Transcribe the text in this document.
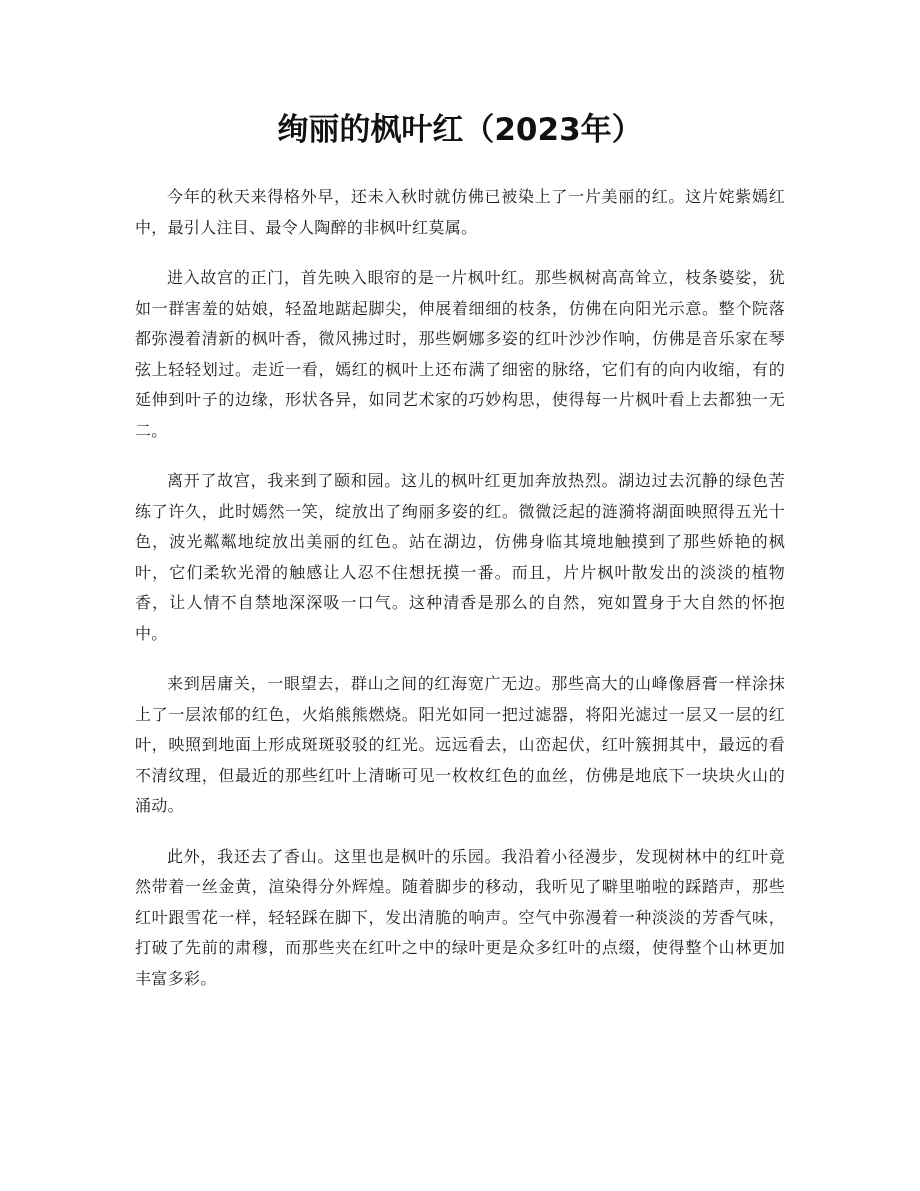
绚丽的枫叶红（2023年）

今年的秋天来得格外早，还未入秋时就仿佛已被染上了一片美丽的红。这片姹紫嫣红中，最引人注目、最令人陶醉的非枫叶红莫属。

进入故宫的正门，首先映入眼帘的是一片枫叶红。那些枫树高高耸立，枝条婆娑，犹如一群害羞的姑娘，轻盈地踮起脚尖，伸展着细细的枝条，仿佛在向阳光示意。整个院落都弥漫着清新的枫叶香，微风拂过时，那些婀娜多姿的红叶沙沙作响，仿佛是音乐家在琴弦上轻轻划过。走近一看，嫣红的枫叶上还布满了细密的脉络，它们有的向内收缩，有的延伸到叶子的边缘，形状各异，如同艺术家的巧妙构思，使得每一片枫叶看上去都独一无二。

离开了故宫，我来到了颐和园。这儿的枫叶红更加奔放热烈。湖边过去沉静的绿色苦练了许久，此时嫣然一笑，绽放出了绚丽多姿的红。微微泛起的涟漪将湖面映照得五光十色，波光粼粼地绽放出美丽的红色。站在湖边，仿佛身临其境地触摸到了那些娇艳的枫叶，它们柔软光滑的触感让人忍不住想抚摸一番。而且，片片枫叶散发出的淡淡的植物香，让人情不自禁地深深吸一口气。这种清香是那么的自然，宛如置身于大自然的怀抱中。

来到居庸关，一眼望去，群山之间的红海宽广无边。那些高大的山峰像唇膏一样涂抹上了一层浓郁的红色，火焰熊熊燃烧。阳光如同一把过滤器，将阳光滤过一层又一层的红叶，映照到地面上形成斑斑驳驳的红光。远远看去，山峦起伏，红叶簇拥其中，最远的看不清纹理，但最近的那些红叶上清晰可见一枚枚红色的血丝，仿佛是地底下一块块火山的涌动。

此外，我还去了香山。这里也是枫叶的乐园。我沿着小径漫步，发现树林中的红叶竟然带着一丝金黄，渲染得分外辉煌。随着脚步的移动，我听见了噼里啪啦的踩踏声，那些红叶跟雪花一样，轻轻踩在脚下，发出清脆的响声。空气中弥漫着一种淡淡的芳香气味，打破了先前的肃穆，而那些夹在红叶之中的绿叶更是众多红叶的点缀，使得整个山林更加丰富多彩。
